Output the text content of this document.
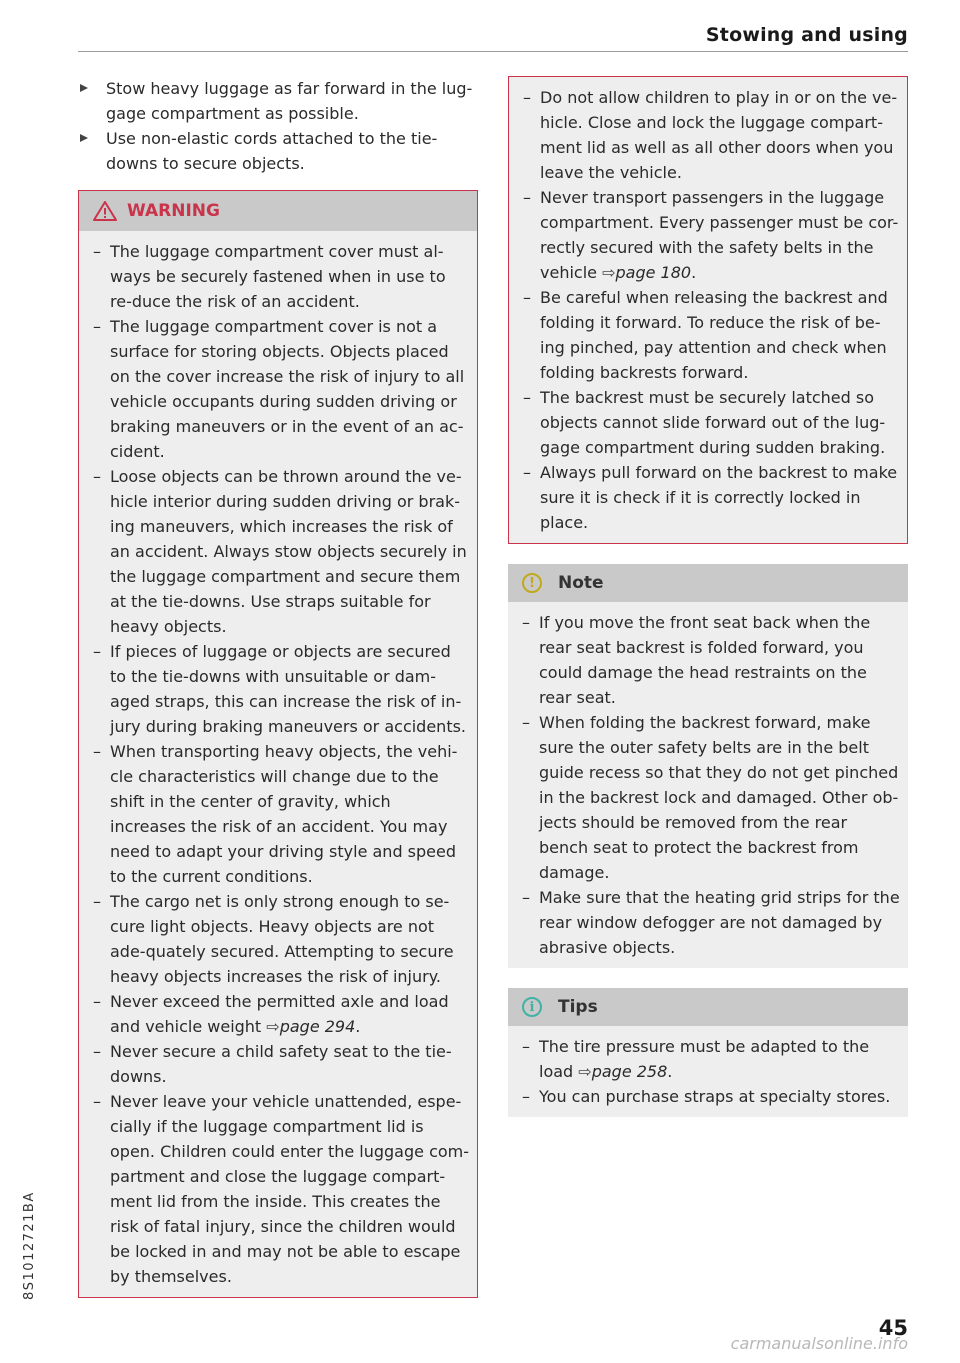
Stowing and using
Stow heavy luggage as far forward in the lug-gage compartment as possible.
Use non-elastic cords attached to the tie-downs to secure objects.
WARNING
– The luggage compartment cover must al-ways be securely fastened when in use to re-duce the risk of an accident.
– The luggage compartment cover is not a surface for storing objects. Objects placed on the cover increase the risk of injury to all vehicle occupants during sudden driving or braking maneuvers or in the event of an ac-cident.
– Loose objects can be thrown around the ve-hicle interior during sudden driving or brak-ing maneuvers, which increases the risk of an accident. Always stow objects securely in the luggage compartment and secure them at the tie-downs. Use straps suitable for heavy objects.
– If pieces of luggage or objects are secured to the tie-downs with unsuitable or dam-aged straps, this can increase the risk of in-jury during braking maneuvers or accidents.
– When transporting heavy objects, the vehi-cle characteristics will change due to the shift in the center of gravity, which increases the risk of an accident. You may need to adapt your driving style and speed to the current conditions.
– The cargo net is only strong enough to se-cure light objects. Heavy objects are not ade-quately secured. Attempting to secure heavy objects increases the risk of injury.
– Never exceed the permitted axle and load and vehicle weight ⇨page 294.
– Never secure a child safety seat to the tie-downs.
– Never leave your vehicle unattended, espe-cially if the luggage compartment lid is open. Children could enter the luggage com-partment and close the luggage compart-ment lid from the inside. This creates the risk of fatal injury, since the children would be locked in and may not be able to escape by themselves.
– Do not allow children to play in or on the ve-hicle. Close and lock the luggage compart-ment lid as well as all other doors when you leave the vehicle.
– Never transport passengers in the luggage compartment. Every passenger must be cor-rectly secured with the safety belts in the vehicle ⇨page 180.
– Be careful when releasing the backrest and folding it forward. To reduce the risk of be-ing pinched, pay attention and check when folding backrests forward.
– The backrest must be securely latched so objects cannot slide forward out of the lug-gage compartment during sudden braking.
– Always pull forward on the backrest to make sure it is check if it is correctly locked in place.
!	Note
– If you move the front seat back when the rear seat backrest is folded forward, you could damage the head restraints on the rear seat.
– When folding the backrest forward, make sure the outer safety belts are in the belt guide recess so that they do not get pinched in the backrest lock and damaged. Other ob-jects should be removed from the rear bench seat to protect the backrest from damage.
– Make sure that the heating grid strips for the rear window defogger are not damaged by abrasive objects.
i	Tips
– The tire pressure must be adapted to the load ⇨page 258.
– You can purchase straps at specialty stores.
8S1012721BA
45
carmanualsonline.info
